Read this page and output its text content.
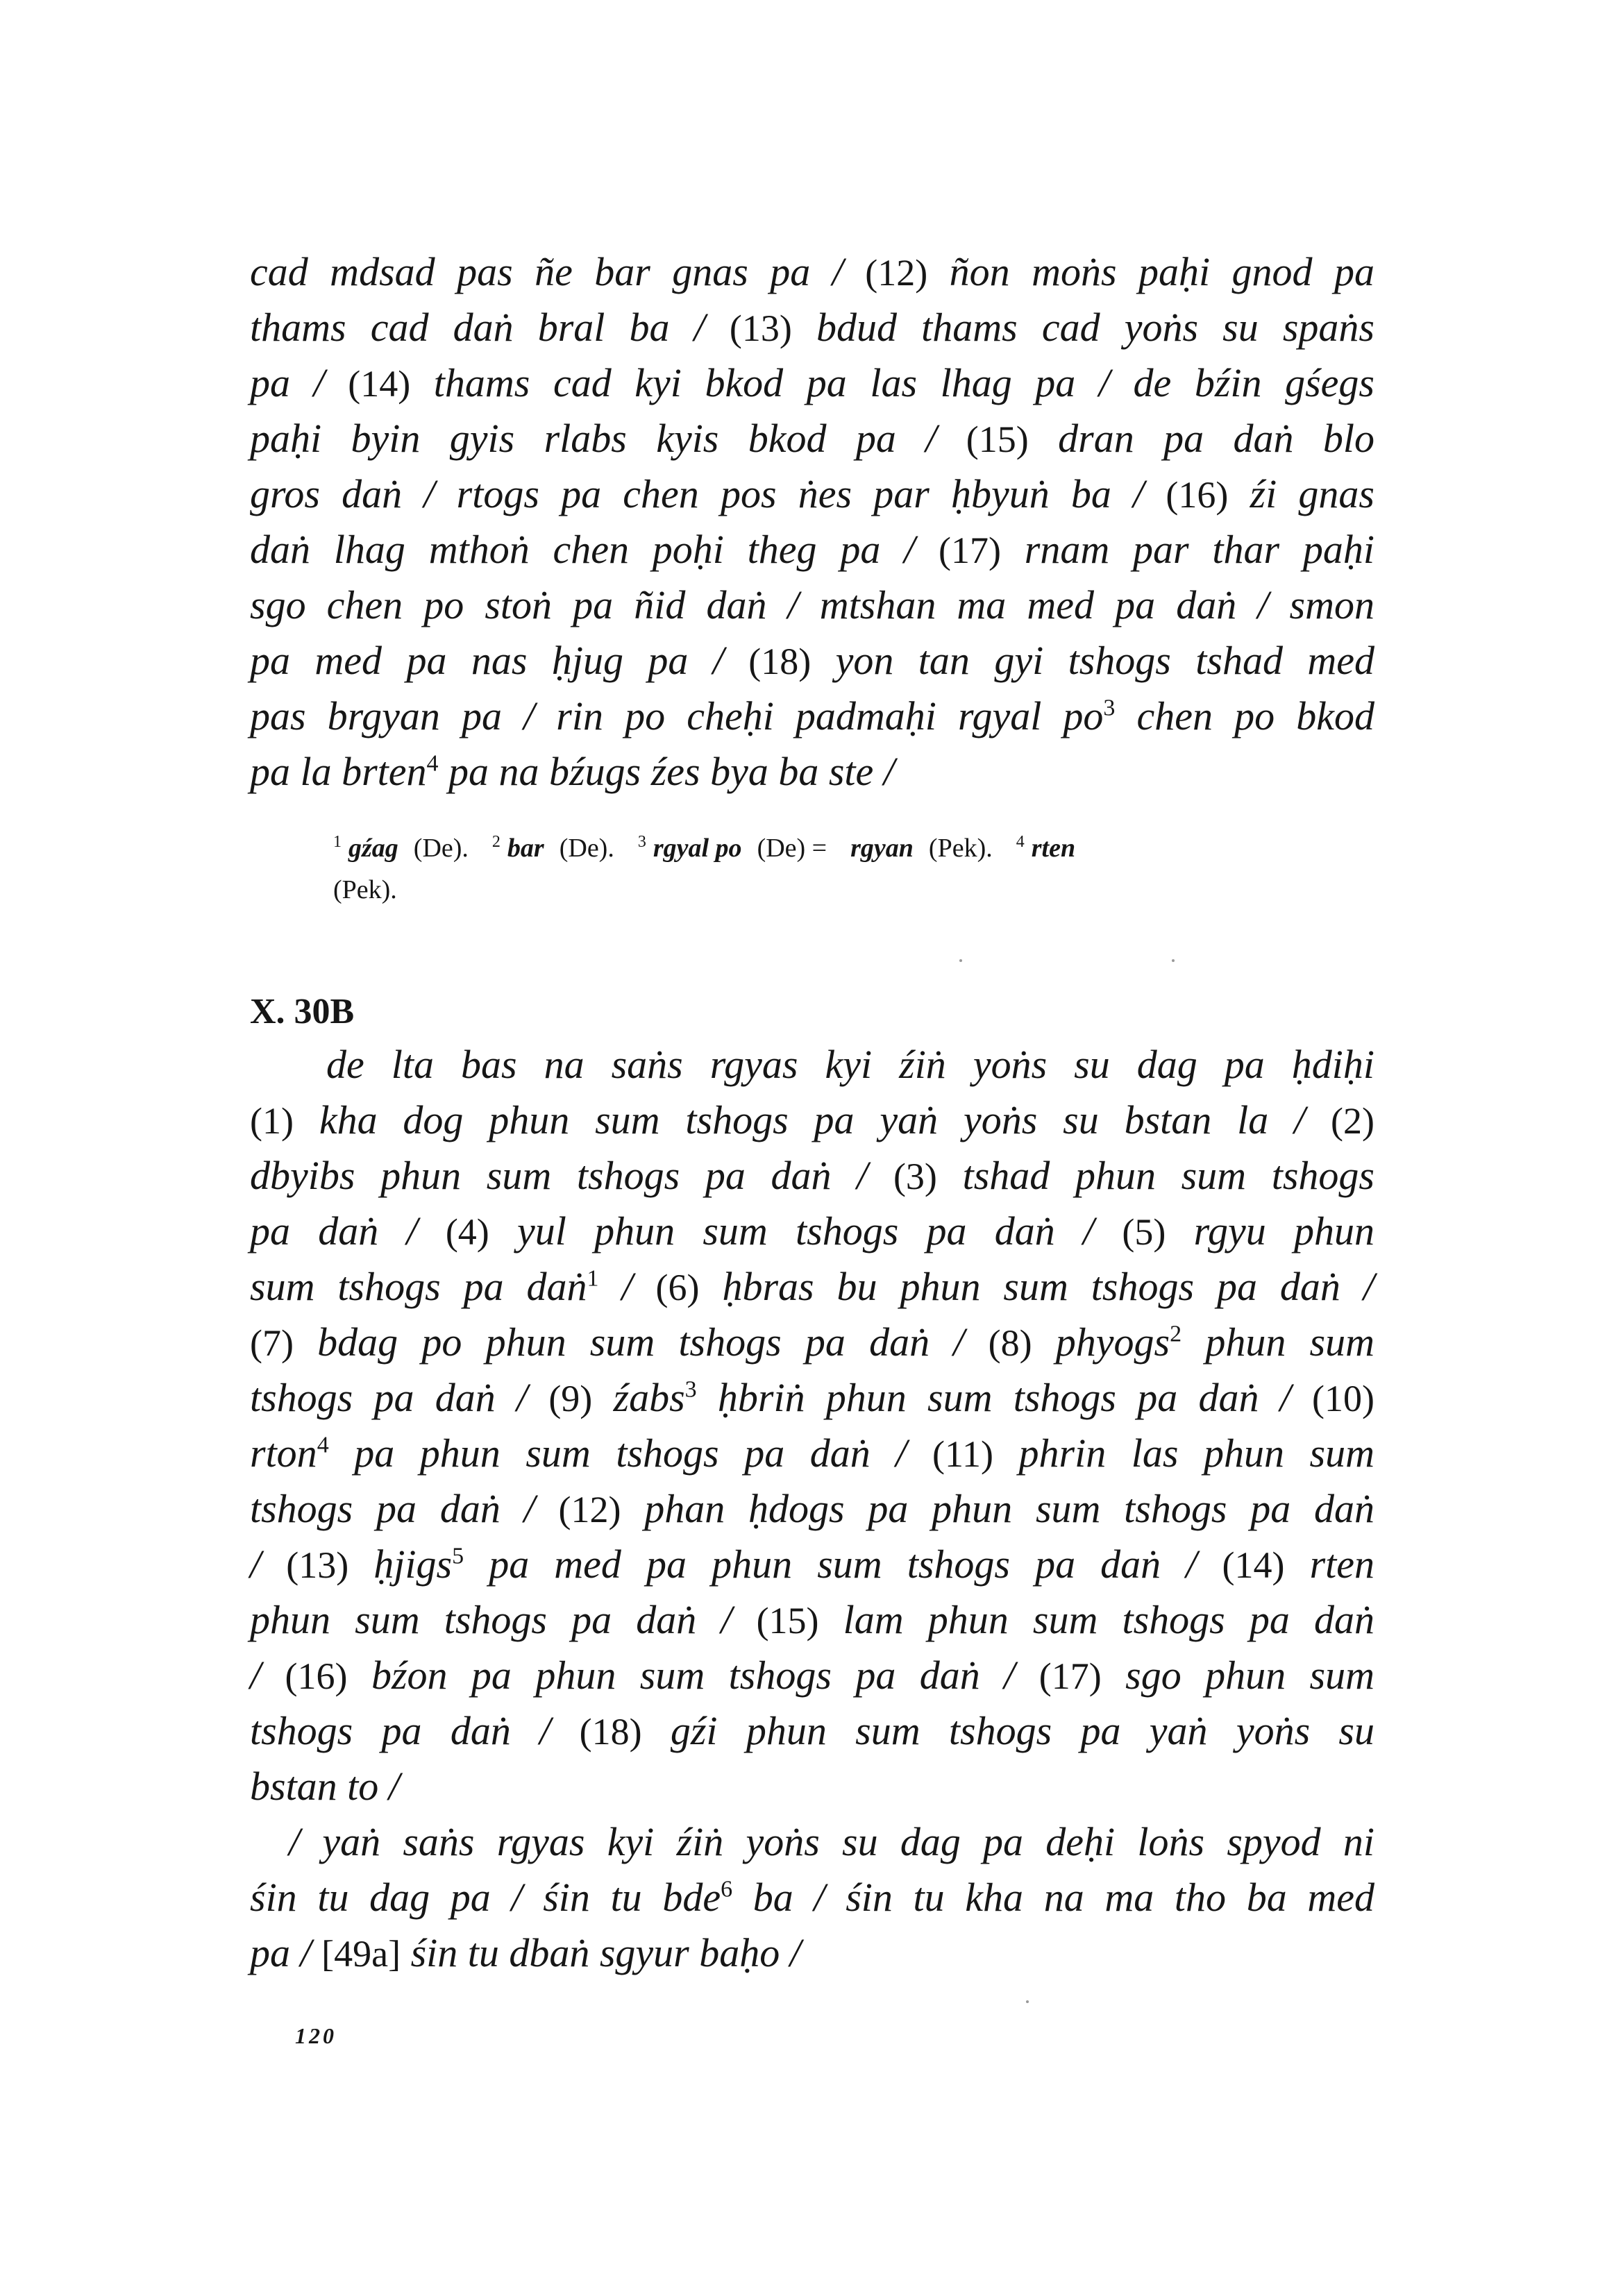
cad mdsad pas ñe bar gnas pa / (12) ñon moṅs paḥi gnod pa
thams cad daṅ bral ba / (13) bdud thams cad yoṅs su spaṅs
pa / (14) thams cad kyi bkod pa las lhag pa / de bźin gśegs
paḥi byin gyis rlabs kyis bkod pa / (15) dran pa daṅ blo
gros daṅ / rtogs pa chen pos ṅes par ḥbyuṅ ba / (16) źi gnas
daṅ lhag mthoṅ chen poḥi theg pa / (17) rnam par thar paḥi
sgo chen po stoṅ pa ñid daṅ / mtshan ma med pa daṅ / smon
pa med pa nas ḥjug pa / (18) yon tan gyi tshogs tshad med
pas brgyan pa / rin po cheḥi padmaḥi rgyal $po^3$ chen po bkod
pa la brten$^4$ pa na bźugs źes bya ba ste /
$^1$ gźag (De). $^2$ bar (De). $^3$ rgyal po (De) = rgyan (Pek). $^4$ rten
(Pek).
X. 30B
de lta bas na saṅs rgyas kyi źiṅ yoṅs su dag pa ḥdiḥi
(1) kha dog phun sum tshogs pa yaṅ yoṅs su bstan la / (2)
dbyibs phun sum tshogs pa daṅ / (3) tshad phun sum tshogs
pa daṅ / (4) yul phun sum tshogs pa daṅ / (5) rgyu phun
sum tshogs pa daṅ$^1$ / (6) ḥbras bu phun sum tshogs pa daṅ /
(7) bdag po phun sum tshogs pa daṅ / (8) phyogs$^2$ phun sum
tshogs pa daṅ / (9) źabs$^3$ ḥbriṅ phun sum tshogs pa daṅ / (10)
rton$^4$ pa phun sum tshogs pa daṅ / (11) phrin las phun sum
tshogs pa daṅ / (12) phan ḥdogs pa phun sum tshogs pa daṅ
/ (13) ḥjigs$^5$ pa med pa phun sum tshogs pa daṅ / (14) rten
phun sum tshogs pa daṅ / (15) lam phun sum tshogs pa daṅ
/ (16) bźon pa phun sum tshogs pa daṅ / (17) sgo phun sum
tshogs pa daṅ / (18) gźi phun sum tshogs pa yaṅ yoṅs su
bstan to /
/ yaṅ saṅs rgyas kyi źiṅ yoṅs su dag pa deḥi loṅs spyod ni
śin tu dag pa / śin tu bde$^6$ ba / śin tu kha na ma tho ba med
pa / [49a] śin tu dbaṅ sgyur baḥo /
120
